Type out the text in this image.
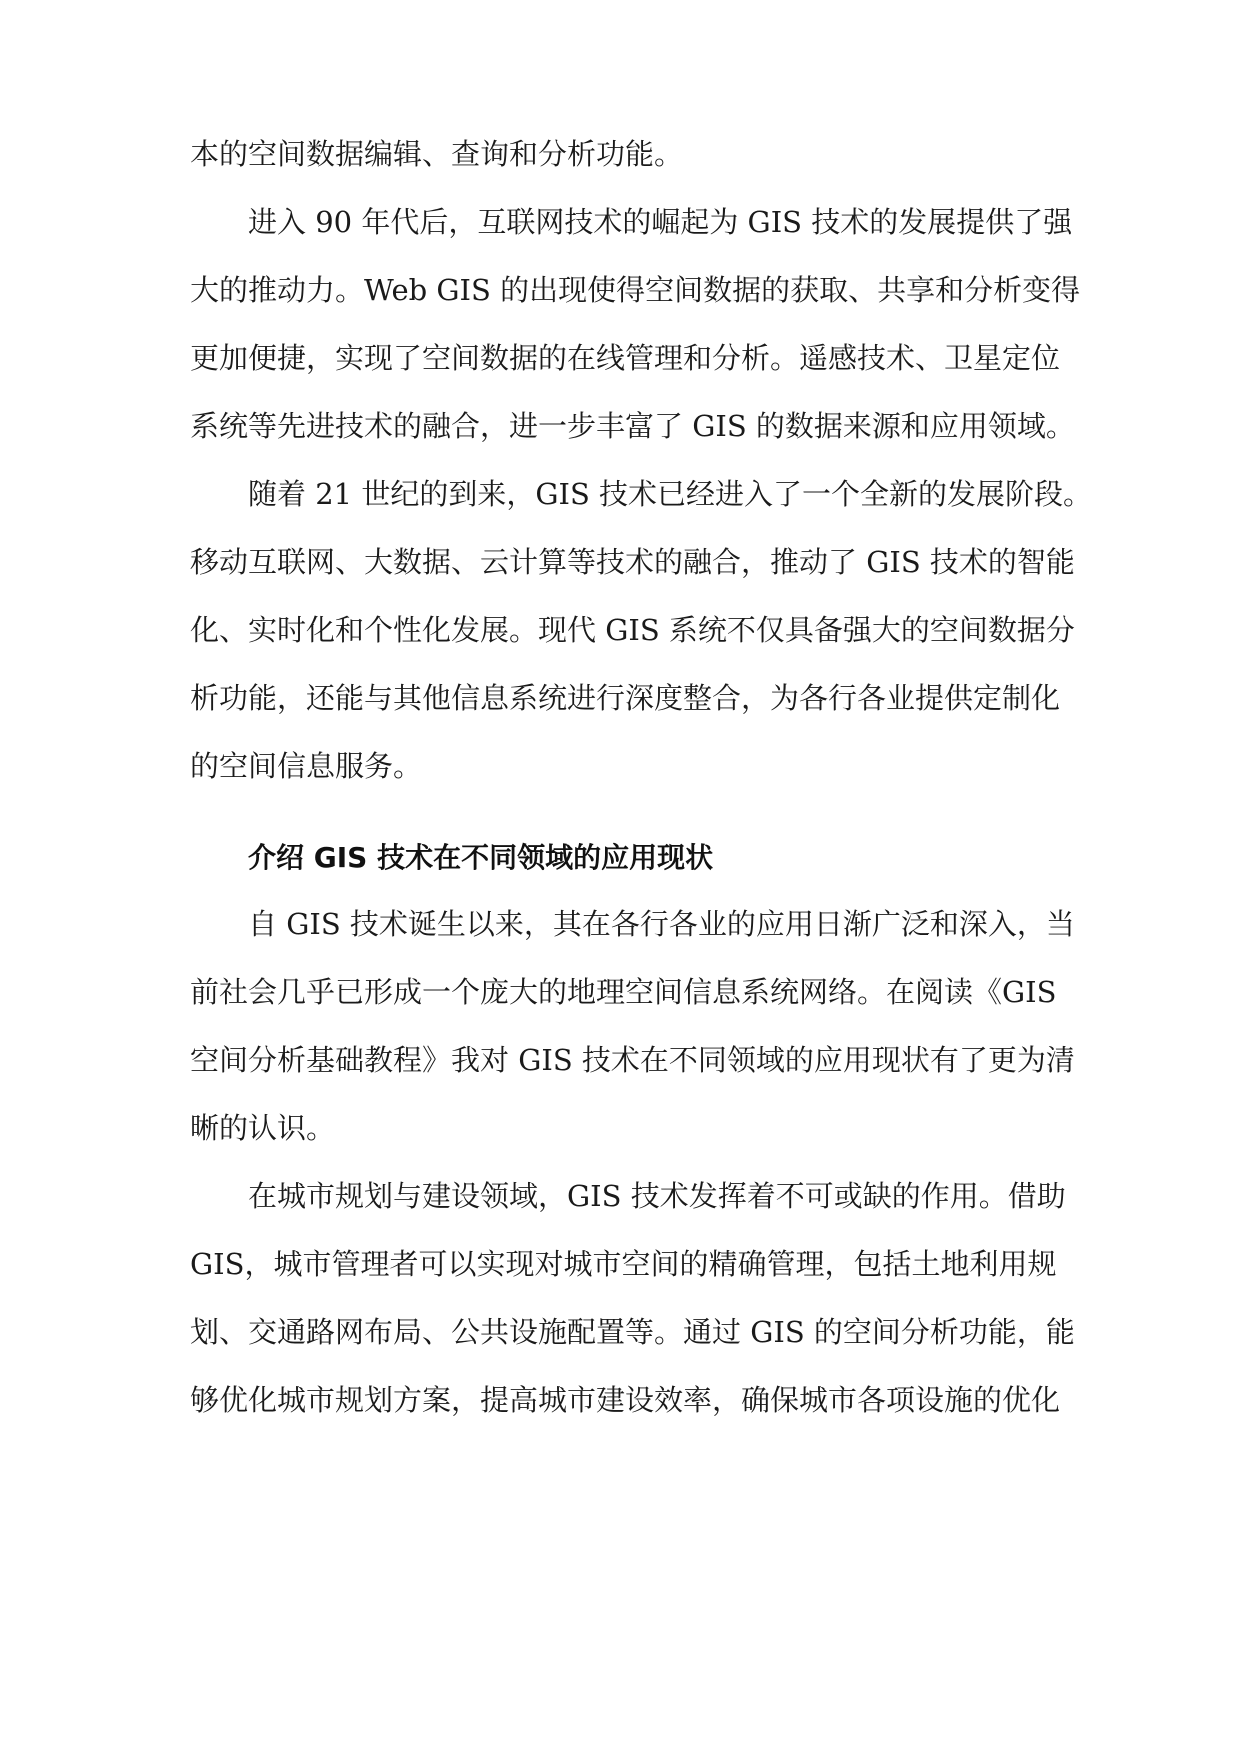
本的空间数据编辑、查询和分析功能。
进入 90 年代后，互联网技术的崛起为 GIS 技术的发展提供了强
大的推动力。Web GIS 的出现使得空间数据的获取、共享和分析变得
更加便捷，实现了空间数据的在线管理和分析。遥感技术、卫星定位
系统等先进技术的融合，进一步丰富了 GIS 的数据来源和应用领域。
随着 21 世纪的到来，GIS 技术已经进入了一个全新的发展阶段。
移动互联网、大数据、云计算等技术的融合，推动了 GIS 技术的智能
化、实时化和个性化发展。现代 GIS 系统不仅具备强大的空间数据分
析功能，还能与其他信息系统进行深度整合，为各行各业提供定制化
的空间信息服务。
介绍 GIS 技术在不同领域的应用现状
自 GIS 技术诞生以来，其在各行各业的应用日渐广泛和深入，当
前社会几乎已形成一个庞大的地理空间信息系统网络。在阅读《GIS
空间分析基础教程》我对 GIS 技术在不同领域的应用现状有了更为清
晰的认识。
在城市规划与建设领域，GIS 技术发挥着不可或缺的作用。借助
GIS，城市管理者可以实现对城市空间的精确管理，包括土地利用规
划、交通路网布局、公共设施配置等。通过 GIS 的空间分析功能，能
够优化城市规划方案，提高城市建设效率，确保城市各项设施的优化
